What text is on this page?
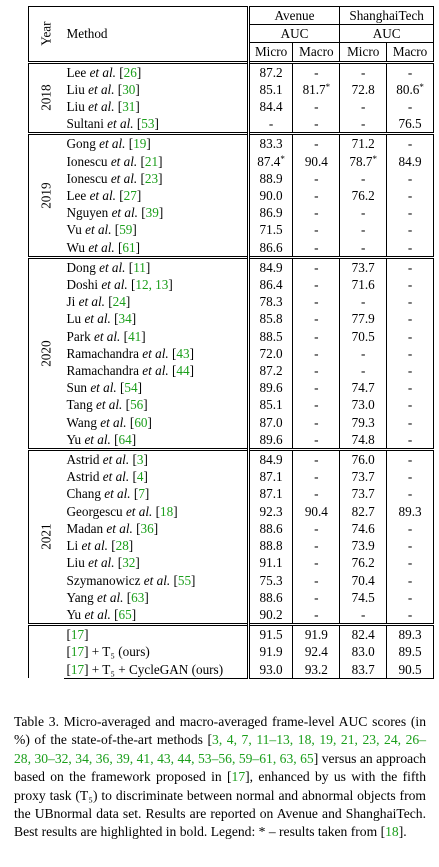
Year	Method	Avenue		ShanghaiTech	
		AUC		AUC	
		Micro	Macro	Micro	Macro
2018	Lee et al. [26]	87.2	-	-	-
	Liu et al. [30]	85.1	81.7*	72.8	80.6*
	Liu et al. [31]	84.4	-	-	-
	Sultani et al. [53]	-	-	-	76.5
2019	Gong et al. [19]	83.3	-	71.2	-
	Ionescu et al. [21]	87.4*	90.4	78.7*	84.9
	Ionescu et al. [23]	88.9	-	-	-
	Lee et al. [27]	90.0	-	76.2	-
	Nguyen et al. [39]	86.9	-	-	-
	Vu et al. [59]	71.5	-	-	-
	Wu et al. [61]	86.6	-	-	-
2020	Dong et al. [11]	84.9	-	73.7	-
	Doshi et al. [12, 13]	86.4	-	71.6	-
	Ji et al. [24]	78.3	-	-	-
	Lu et al. [34]	85.8	-	77.9	-
	Park et al. [41]	88.5	-	70.5	-
	Ramachandra et al. [43]	72.0	-	-	-
	Ramachandra et al. [44]	87.2	-	-	-
	Sun et al. [54]	89.6	-	74.7	-
	Tang et al. [56]	85.1	-	73.0	-
	Wang et al. [60]	87.0	-	79.3	-
	Yu et al. [64]	89.6	-	74.8	-
2021	Astrid et al. [3]	84.9	-	76.0	-
	Astrid et al. [4]	87.1	-	73.7	-
	Chang et al. [7]	87.1	-	73.7	-
	Georgescu et al. [18]	92.3	90.4	82.7	89.3
	Madan et al. [36]	88.6	-	74.6	-
	Li et al. [28]	88.8	-	73.9	-
	Liu et al. [32]	91.1	-	76.2	-
	Szymanowicz et al. [55]	75.3	-	70.4	-
	Yang et al. [63]	88.6	-	74.5	-
	Yu et al. [65]	90.2	-	-	-
	[17]	91.5	91.9	82.4	89.3
	[17] + T₅ (ours)	91.9	92.4	83.0	89.5
	[17] + T₅ + CycleGAN (ours)	93.0	93.2	83.7	90.5
Table 3. Micro-averaged and macro-averaged frame-level AUC scores (in %) of the state-of-the-art methods [3, 4, 7, 11–13, 18, 19, 21, 23, 24, 26–28, 30–32, 34, 36, 39, 41, 43, 44, 53–56, 59–61, 63, 65] versus an approach based on the framework proposed in [17], enhanced by us with the fifth proxy task (T₅) to discriminate between normal and abnormal objects from the UBnormal data set. Results are reported on Avenue and ShanghaiTech. Best results are highlighted in bold. Legend: * – results taken from [18].
